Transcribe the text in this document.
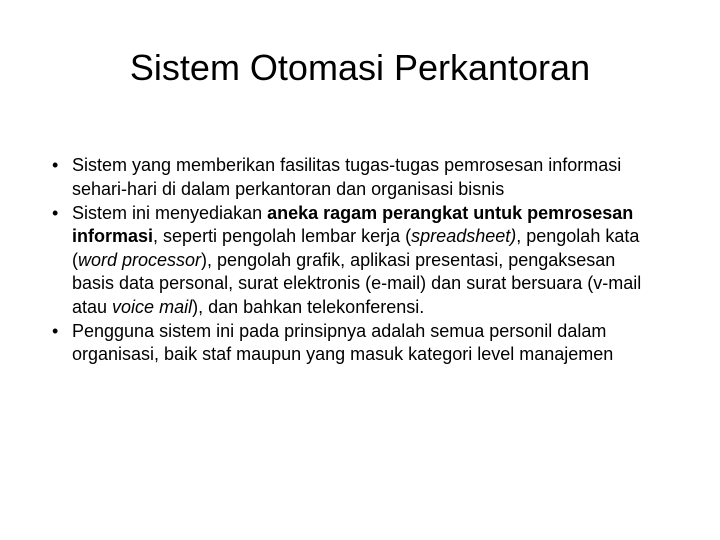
Sistem Otomasi Perkantoran
• Sistem yang memberikan fasilitas tugas-tugas pemrosesan informasi sehari-hari di dalam perkantoran dan organisasi bisnis
• Sistem ini menyediakan aneka ragam perangkat untuk pemrosesan informasi, seperti pengolah lembar kerja (spreadsheet), pengolah kata (word processor), pengolah grafik, aplikasi presentasi, pengaksesan basis data personal, surat elektronis (e-mail) dan surat bersuara (v-mail atau voice mail), dan bahkan telekonferensi.
• Pengguna sistem ini pada prinsipnya adalah semua personil dalam organisasi, baik staf maupun yang masuk kategori level manajemen
